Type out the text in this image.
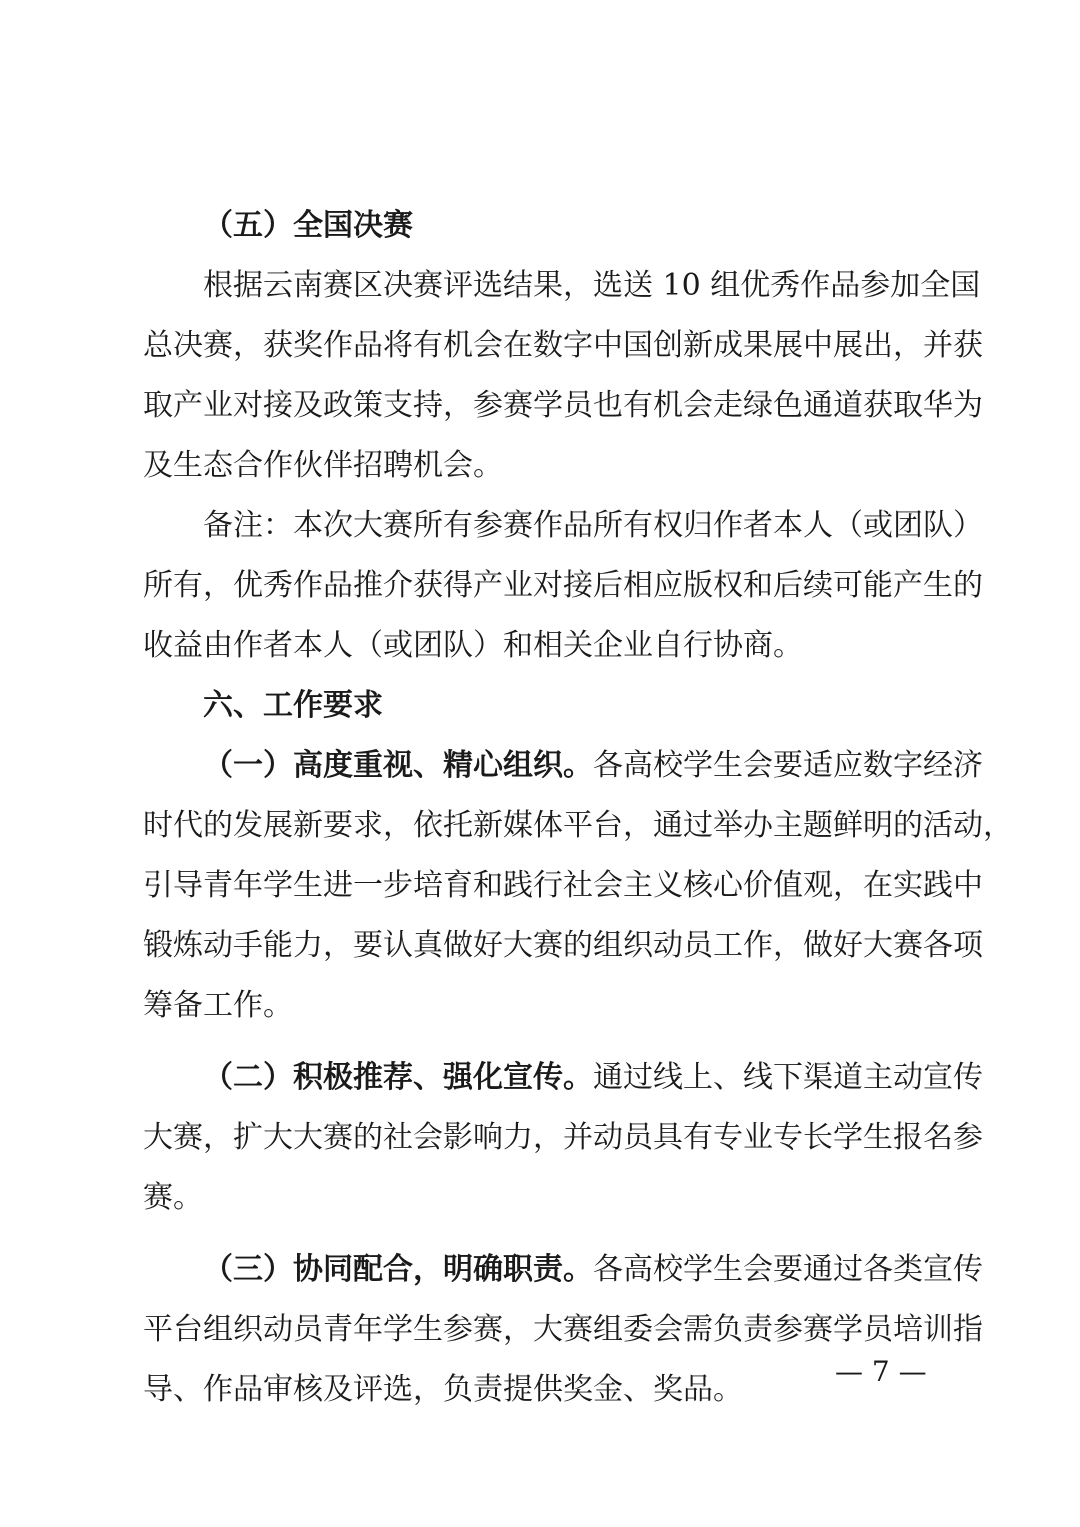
（五）全国决赛
根据云南赛区决赛评选结果，选送 10 组优秀作品参加全国
总决赛，获奖作品将有机会在数字中国创新成果展中展出，并获
取产业对接及政策支持，参赛学员也有机会走绿色通道获取华为
及生态合作伙伴招聘机会。
备注：本次大赛所有参赛作品所有权归作者本人（或团队）
所有，优秀作品推介获得产业对接后相应版权和后续可能产生的
收益由作者本人（或团队）和相关企业自行协商。
六、工作要求
（一）高度重视、精心组织。各高校学生会要适应数字经济
时代的发展新要求，依托新媒体平台，通过举办主题鲜明的活动，
引导青年学生进一步培育和践行社会主义核心价值观，在实践中
锻炼动手能力，要认真做好大赛的组织动员工作，做好大赛各项
筹备工作。
（二）积极推荐、强化宣传。通过线上、线下渠道主动宣传
大赛，扩大大赛的社会影响力，并动员具有专业专长学生报名参
赛。
（三）协同配合，明确职责。各高校学生会要通过各类宣传
平台组织动员青年学生参赛，大赛组委会需负责参赛学员培训指
导、作品审核及评选，负责提供奖金、奖品。
— 7 —
